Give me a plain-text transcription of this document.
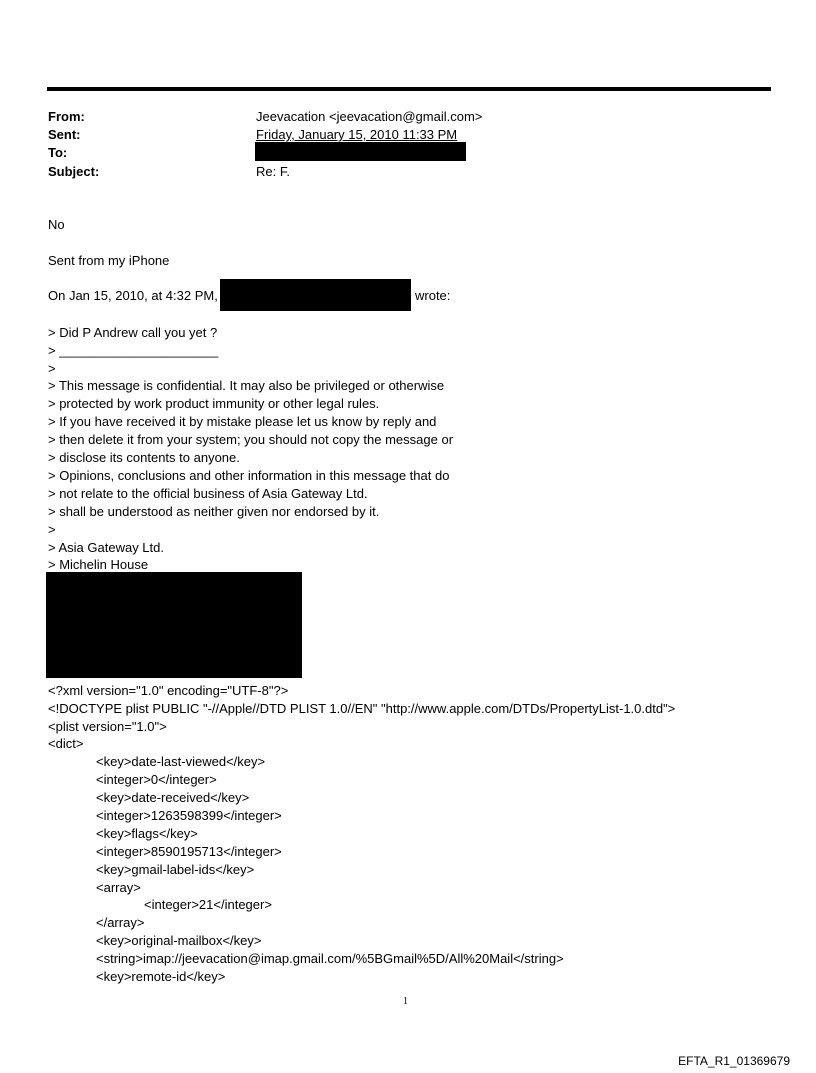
From:	Jeevacation <jeevacation@gmail.com>
Sent:	Friday, January 15, 2010 11:33 PM
To:
Subject:	Re: F.
No
Sent from my iPhone
On Jan 15, 2010, at 4:32 PM,	wrote:
> Did P Andrew call you yet ?
> ______________________
>
> This message is confidential. It may also be privileged or otherwise
> protected by work product immunity or other legal rules.
> If you have received it by mistake please let us know by reply and
> then delete it from your system; you should not copy the message or
> disclose its contents to anyone.
> Opinions, conclusions and other information in this message that do
> not relate to the official business of Asia Gateway Ltd.
> shall be understood as neither given nor endorsed by it.
>
> Asia Gateway Ltd.
> Michelin House
<?xml version="1.0" encoding="UTF-8"?>
<!DOCTYPE plist PUBLIC "-//Apple//DTD PLIST 1.0//EN" "http://www.apple.com/DTDs/PropertyList-1.0.dtd">
<plist version="1.0">
<dict>
<key>date-last-viewed</key>
<integer>0</integer>
<key>date-received</key>
<integer>1263598399</integer>
<key>flags</key>
<integer>8590195713</integer>
<key>gmail-label-ids</key>
<array>
<integer>21</integer>
</array>
<key>original-mailbox</key>
<string>imap://jeevacation@imap.gmail.com/%5BGmail%5D/All%20Mail</string>
<key>remote-id</key>
1
EFTA_R1_01369679
